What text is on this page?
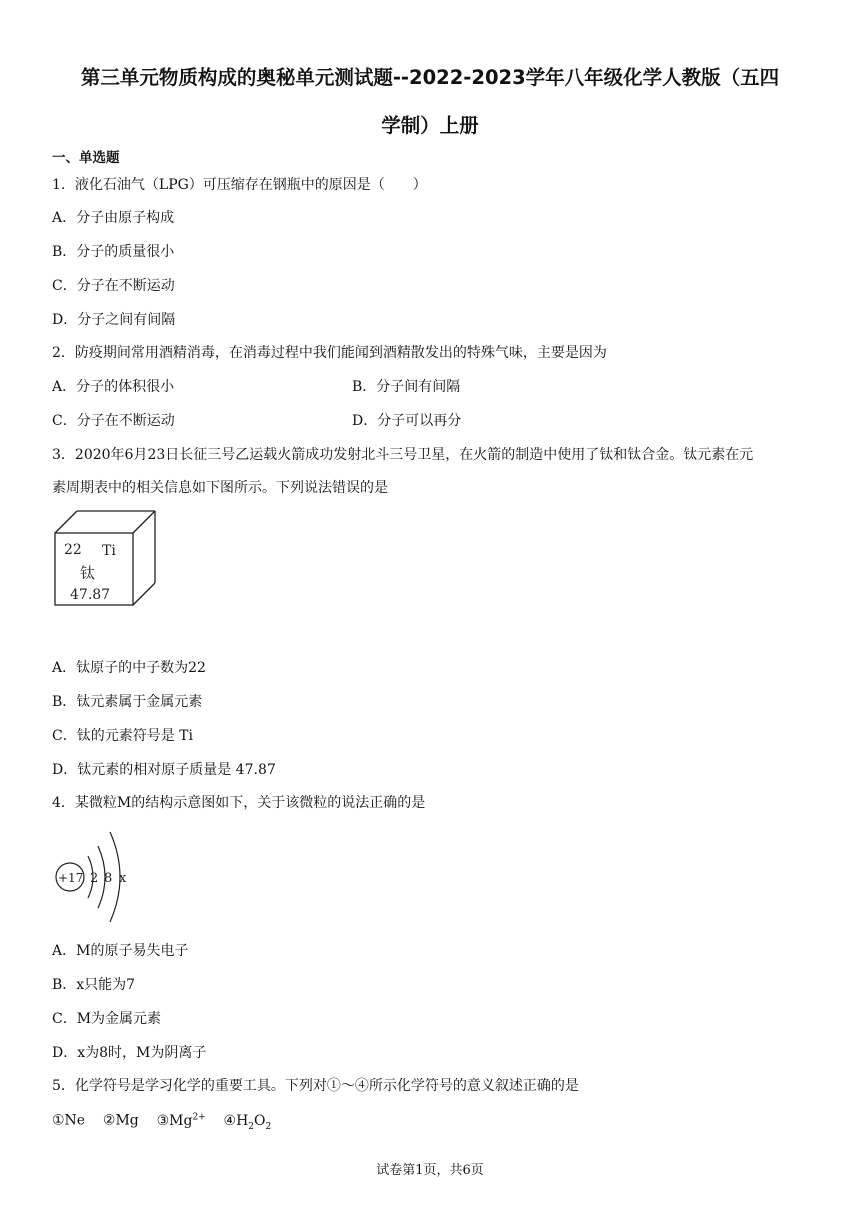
第三单元物质构成的奥秘单元测试题--2022-2023学年八年级化学人教版（五四
学制）上册
一、单选题
1．液化石油气（LPG）可压缩存在钢瓶中的原因是（　　）
A．分子由原子构成
B．分子的质量很小
C．分子在不断运动
D．分子之间有间隔
2．防疫期间常用酒精消毒，在消毒过程中我们能闻到酒精散发出的特殊气味，主要是因为
A．分子的体积很小	B．分子间有间隔
C．分子在不断运动	D．分子可以再分
3．2020年6月23日长征三号乙运载火箭成功发射北斗三号卫星，在火箭的制造中使用了钛和钛合金。钛元素在元
素周期表中的相关信息如下图所示。下列说法错误的是
22 Ti
钛
47.87
A．钛原子的中子数为22
B．钛元素属于金属元素
C．钛的元素符号是 Ti
D．钛元素的相对原子质量是 47.87
4．某微粒M的结构示意图如下，关于该微粒的说法正确的是
+17 2 8 x
A．M的原子易失电子
B．x只能为7
C．M为金属元素
D．x为8时，M为阴离子
5．化学符号是学习化学的重要工具。下列对①～④所示化学符号的意义叙述正确的是
①Ne ②Mg $③Mg^{2+}$ $④H_2O_2$
试卷第1页，共6页
